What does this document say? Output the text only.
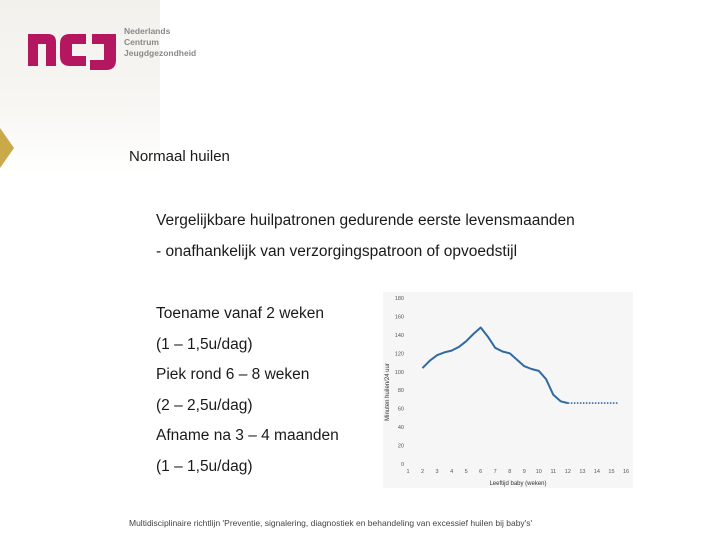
Nederlands
Centrum
Jeugdgezondheid
Normaal huilen
Vergelijkbare huilpatronen gedurende eerste levensmaanden
- onafhankelijk van verzorgingspatroon of opvoedstijl
Toename vanaf 2 weken
(1 – 1,5u/dag)
Piek rond 6 – 8 weken
(2 – 2,5u/dag)
Afname na 3 – 4 maanden
(1 – 1,5u/dag)	0
20
40
60
80
100
120
140
160
180
1 2 3 4 5 6 7 8 9 10 11 12 13 14 15 16
Minuten huilen/24 uur
Leeftijd baby (weken)
Multidisciplinaire richtlijn 'Preventie, signalering, diagnostiek en behandeling van excessief huilen bij baby's'
